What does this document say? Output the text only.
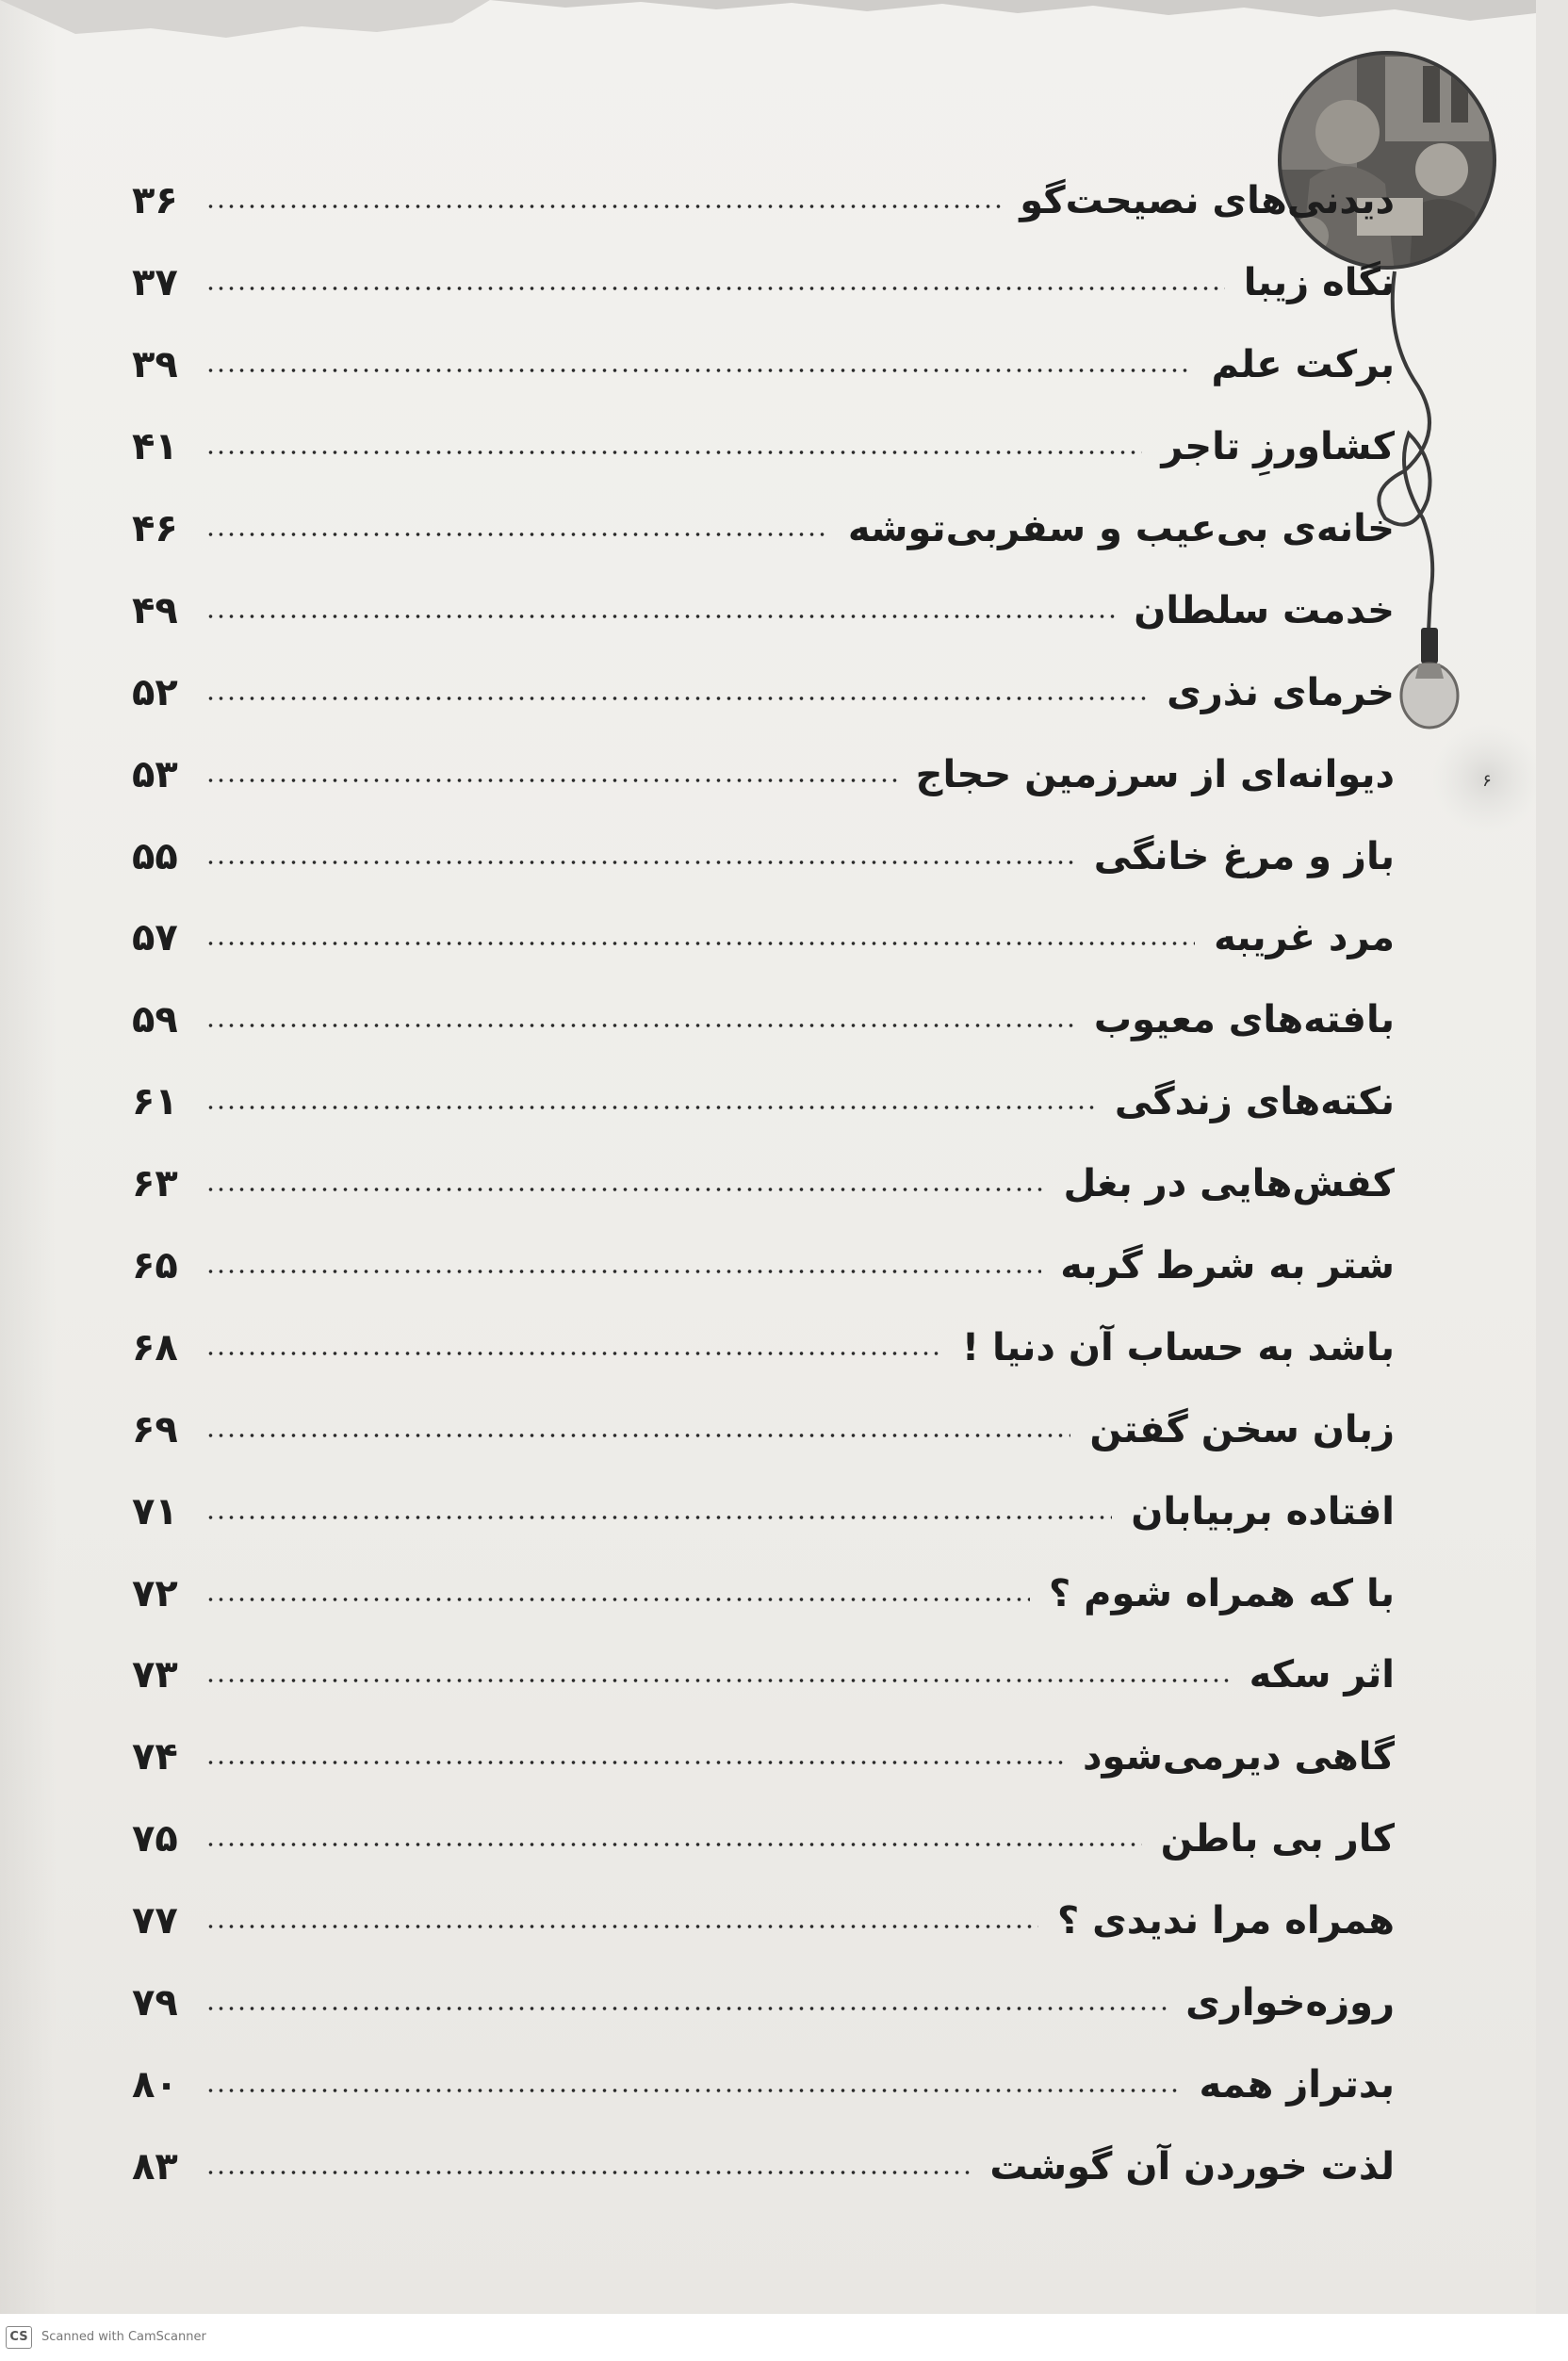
۶
دیدنی‌های نصیحت‌گو
۳۶
نگاه زیبا
۳۷
برکت علم
۳۹
کشاورزِ تاجر
۴۱
خانه‌ی بی‌عیب و سفربی‌توشه
۴۶
خدمت سلطان
۴۹
خرمای نذری
۵۲
دیوانه‌ای از سرزمین حجاج
۵۳
باز و مرغ خانگی
۵۵
مرد غریبه
۵۷
بافته‌های معیوب
۵۹
نکته‌های زندگی
۶۱
کفش‌هایی در بغل
۶۳
شتر به شرط گربه
۶۵
باشد به حساب آن دنیا !
۶۸
زبان سخن گفتن
۶۹
افتاده بربیابان
۷۱
با که همراه شوم ؟
۷۲
اثر سکه
۷۳
گاهی دیرمی‌شود
۷۴
کار بی باطن
۷۵
همراه مرا ندیدی ؟
۷۷
روزه‌خواری
۷۹
بدتراز همه
۸۰
لذت خوردن آن گوشت
۸۳
CS	Scanned with CamScanner
